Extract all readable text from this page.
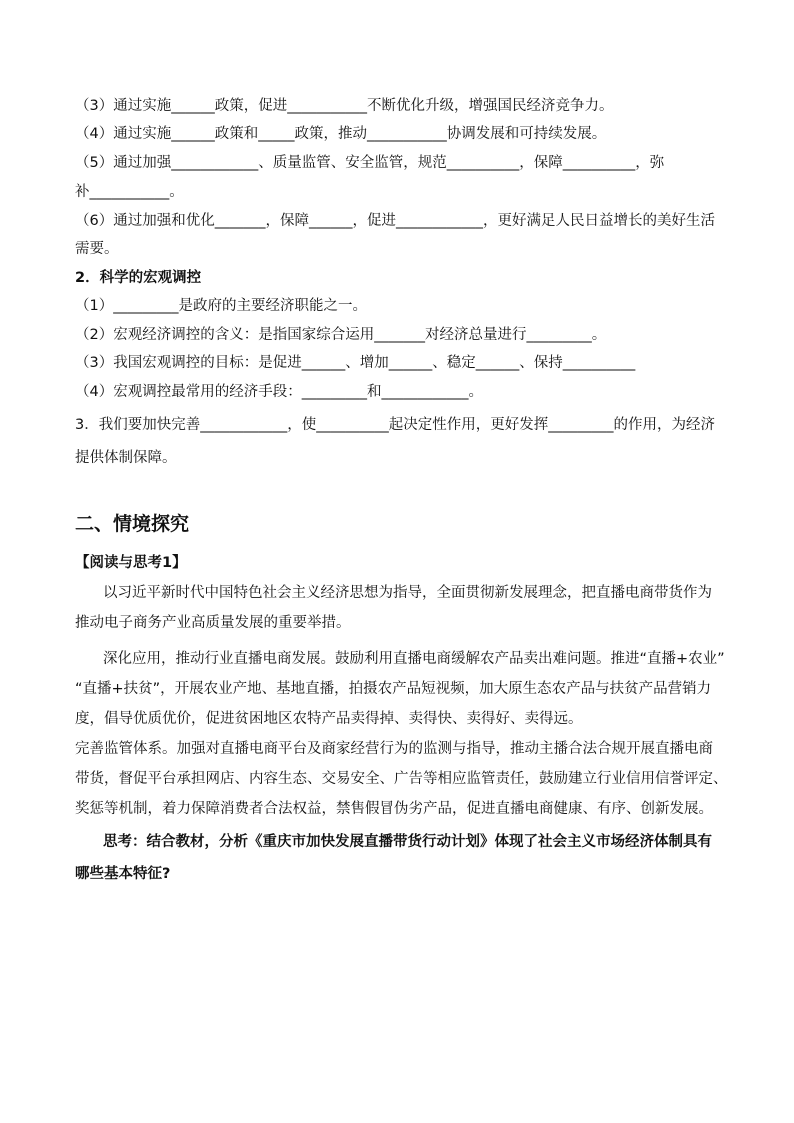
（3）通过实施______政策，促进___________不断优化升级，增强国民经济竞争力。
（4）通过实施______政策和_____政策，推动___________协调发展和可持续发展。
（5）通过加强____________、质量监管、安全监管，规范__________，保障__________，弥
补___________。
（6）通过加强和优化_______，保障______，促进____________，更好满足人民日益增长的美好生活
需要。
2．科学的宏观调控
（1）_________是政府的主要经济职能之一。
（2）宏观经济调控的含义：是指国家综合运用_______对经济总量进行_________。
（3）我国宏观调控的目标：是促进______、增加______、稳定______、保持__________
（4）宏观调控最常用的经济手段：_________和____________。
3．我们要加快完善____________，使__________起决定性作用，更好发挥_________的作用，为经济
提供体制保障。
二、情境探究
【阅读与思考1】
以习近平新时代中国特色社会主义经济思想为指导，全面贯彻新发展理念，把直播电商带货作为
推动电子商务产业高质量发展的重要举措。
深化应用，推动行业直播电商发展。鼓励利用直播电商缓解农产品卖出难问题。推进“直播+农业”
“直播+扶贫”，开展农业产地、基地直播，拍摄农产品短视频，加大原生态农产品与扶贫产品营销力
度，倡导优质优价，促进贫困地区农特产品卖得掉、卖得快、卖得好、卖得远。
完善监管体系。加强对直播电商平台及商家经营行为的监测与指导，推动主播合法合规开展直播电商
带货，督促平台承担网店、内容生态、交易安全、广告等相应监管责任，鼓励建立行业信用信誉评定、
奖惩等机制，着力保障消费者合法权益，禁售假冒伪劣产品，促进直播电商健康、有序、创新发展。
思考：结合教材，分析《重庆市加快发展直播带货行动计划》体现了社会主义市场经济体制具有
哪些基本特征?
